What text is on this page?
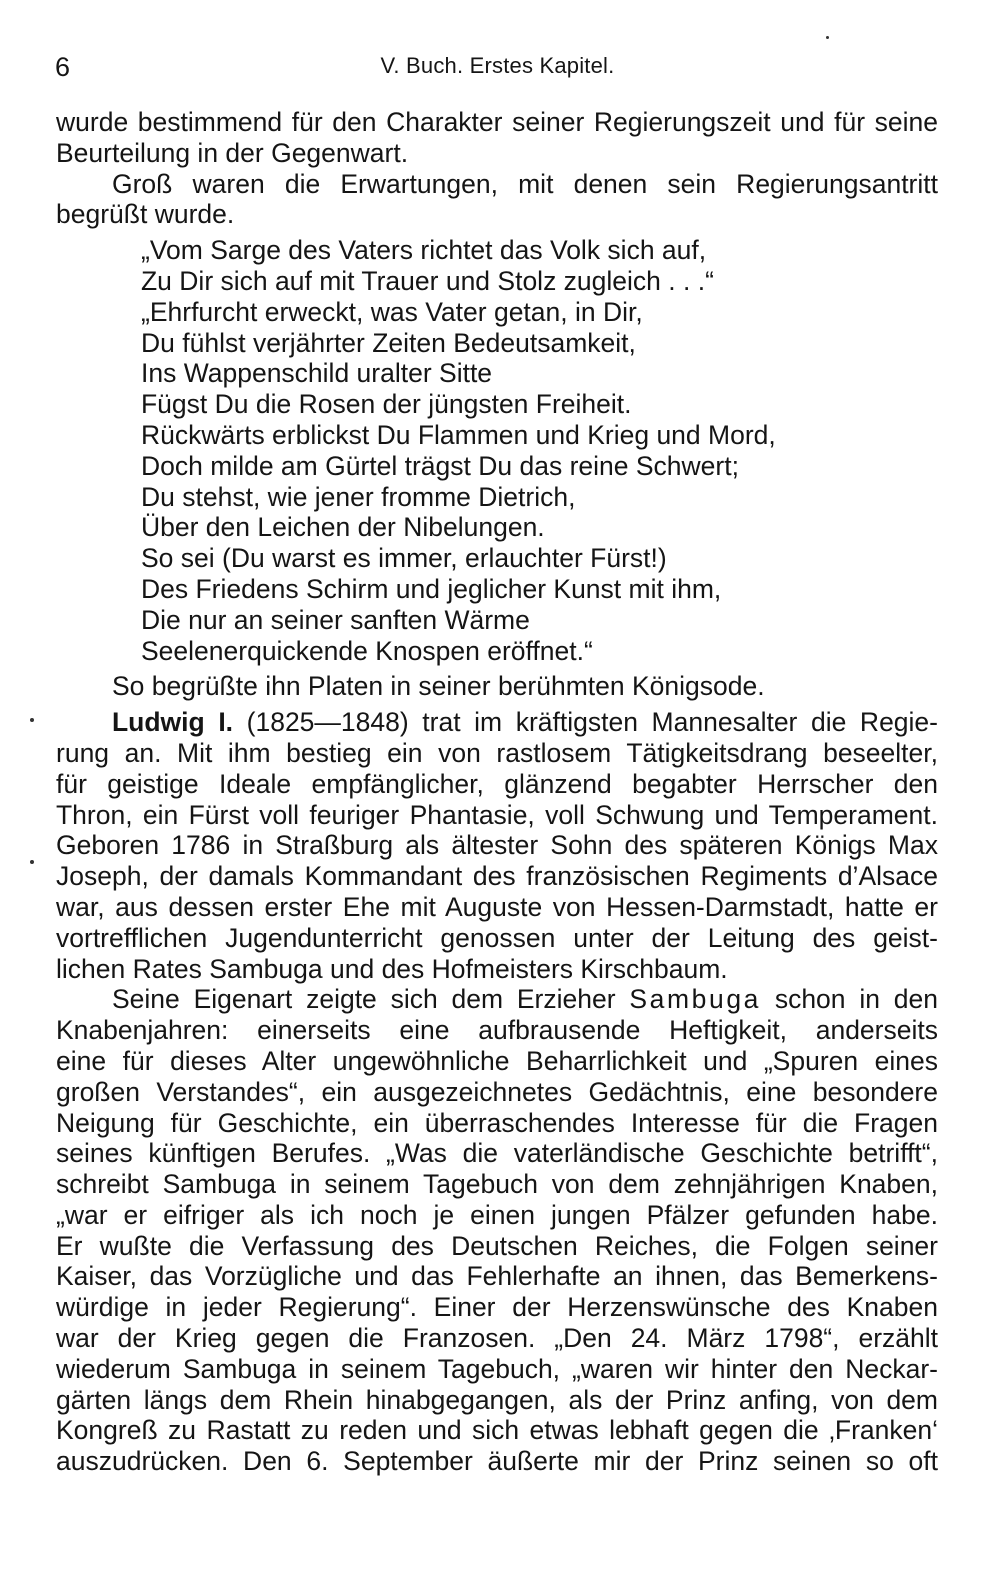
6	V. Buch. Erstes Kapitel.
wurde bestimmend für den Charakter seiner Regierungszeit und für seine
Beurteilung in der Gegenwart.
Groß waren die Erwartungen, mit denen sein Regierungsantritt
begrüßt wurde.
„Vom Sarge des Vaters richtet das Volk sich auf,
Zu Dir sich auf mit Trauer und Stolz zugleich . . .“
„Ehrfurcht erweckt, was Vater getan, in Dir,
Du fühlst verjährter Zeiten Bedeutsamkeit,
Ins Wappenschild uralter Sitte
Fügst Du die Rosen der jüngsten Freiheit.
Rückwärts erblickst Du Flammen und Krieg und Mord,
Doch milde am Gürtel trägst Du das reine Schwert;
Du stehst, wie jener fromme Dietrich,
Über den Leichen der Nibelungen.
So sei (Du warst es immer, erlauchter Fürst!)
Des Friedens Schirm und jeglicher Kunst mit ihm,
Die nur an seiner sanften Wärme
Seelenerquickende Knospen eröffnet.“
So begrüßte ihn Platen in seiner berühmten Königsode.
Ludwig I. (1825—1848) trat im kräftigsten Mannesalter die Regie-
rung an. Mit ihm bestieg ein von rastlosem Tätigkeitsdrang beseelter,
für geistige Ideale empfänglicher, glänzend begabter Herrscher den
Thron, ein Fürst voll feuriger Phantasie, voll Schwung und Temperament.
Geboren 1786 in Straßburg als ältester Sohn des späteren Königs Max
Joseph, der damals Kommandant des französischen Regiments d’Alsace
war, aus dessen erster Ehe mit Auguste von Hessen-Darmstadt, hatte er
vortrefflichen Jugendunterricht genossen unter der Leitung des geist-
lichen Rates Sambuga und des Hofmeisters Kirschbaum.
Seine Eigenart zeigte sich dem Erzieher Sambuga schon in den
Knabenjahren: einerseits eine aufbrausende Heftigkeit, anderseits
eine für dieses Alter ungewöhnliche Beharrlichkeit und „Spuren eines
großen Verstandes“, ein ausgezeichnetes Gedächtnis, eine besondere
Neigung für Geschichte, ein überraschendes Interesse für die Fragen
seines künftigen Berufes. „Was die vaterländische Geschichte betrifft“,
schreibt Sambuga in seinem Tagebuch von dem zehnjährigen Knaben,
„war er eifriger als ich noch je einen jungen Pfälzer gefunden habe.
Er wußte die Verfassung des Deutschen Reiches, die Folgen seiner
Kaiser, das Vorzügliche und das Fehlerhafte an ihnen, das Bemerkens-
würdige in jeder Regierung“. Einer der Herzenswünsche des Knaben
war der Krieg gegen die Franzosen. „Den 24. März 1798“, erzählt
wiederum Sambuga in seinem Tagebuch, „waren wir hinter den Neckar-
gärten längs dem Rhein hinabgegangen, als der Prinz anfing, von dem
Kongreß zu Rastatt zu reden und sich etwas lebhaft gegen die ‚Franken‘
auszudrücken. Den 6. September äußerte mir der Prinz seinen so oft
